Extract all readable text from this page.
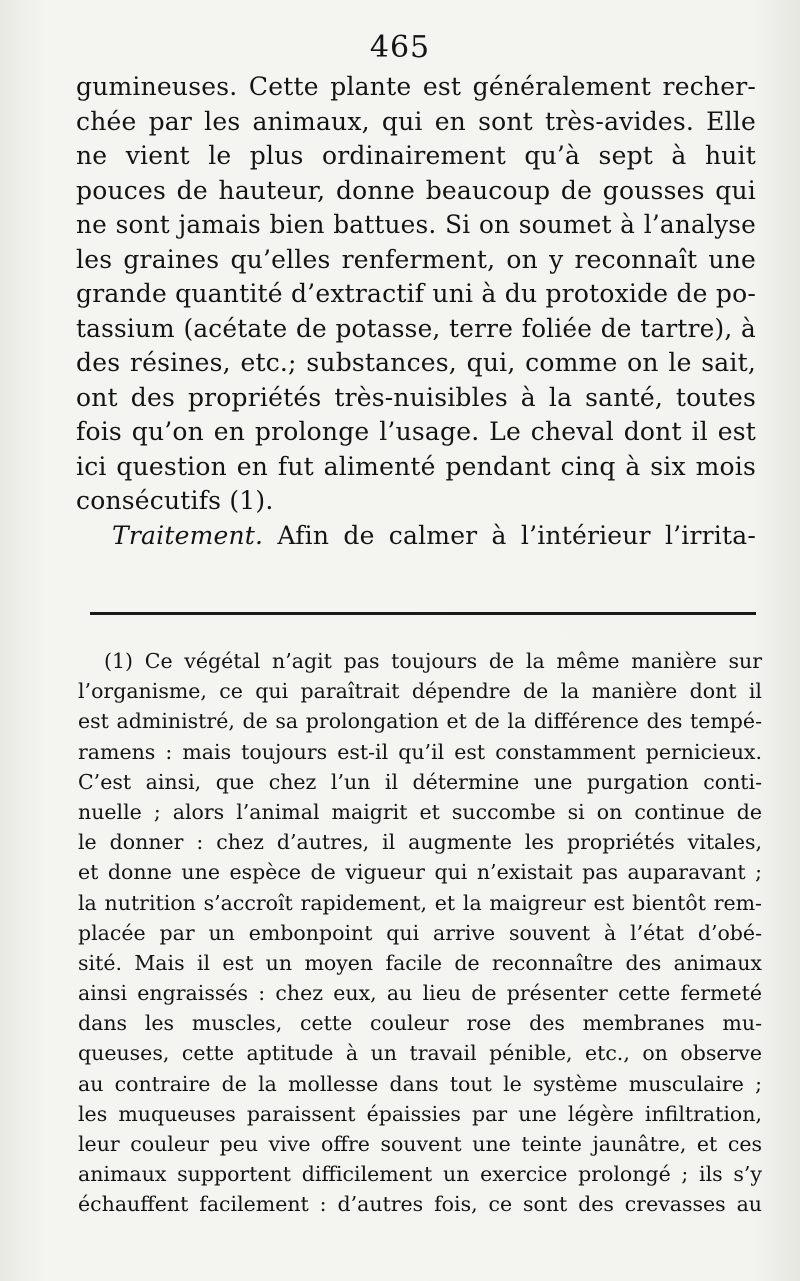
465
gumineuses. Cette plante est généralement recher-
chée par les animaux, qui en sont très-avides. Elle
ne vient le plus ordinairement qu’à sept à huit
pouces de hauteur, donne beaucoup de gousses qui
ne sont jamais bien battues. Si on soumet à l’analyse
les graines qu’elles renferment, on y reconnaît une
grande quantité d’extractif uni à du protoxide de po-
tassium (acétate de potasse, terre foliée de tartre), à
des résines, etc.; substances, qui, comme on le sait,
ont des propriétés très-nuisibles à la santé, toutes
fois qu’on en prolonge l’usage. Le cheval dont il est
ici question en fut alimenté pendant cinq à six mois
consécutifs (1).
Traitement. Afin de calmer à l’intérieur l’irrita-
(1) Ce végétal n’agit pas toujours de la même manière sur
l’organisme, ce qui paraîtrait dépendre de la manière dont il
est administré, de sa prolongation et de la différence des tempé-
ramens : mais toujours est-il qu’il est constamment pernicieux.
C’est ainsi, que chez l’un il détermine une purgation conti-
nuelle ; alors l’animal maigrit et succombe si on continue de
le donner : chez d’autres, il augmente les propriétés vitales,
et donne une espèce de vigueur qui n’existait pas auparavant ;
la nutrition s’accroît rapidement, et la maigreur est bientôt rem-
placée par un embonpoint qui arrive souvent à l’état d’obé-
sité. Mais il est un moyen facile de reconnaître des animaux
ainsi engraissés : chez eux, au lieu de présenter cette fermeté
dans les muscles, cette couleur rose des membranes mu-
queuses, cette aptitude à un travail pénible, etc., on observe
au contraire de la mollesse dans tout le système musculaire ;
les muqueuses paraissent épaissies par une légère infiltration,
leur couleur peu vive offre souvent une teinte jaunâtre, et ces
animaux supportent difficilement un exercice prolongé ; ils s’y
échauffent facilement : d’autres fois, ce sont des crevasses au
